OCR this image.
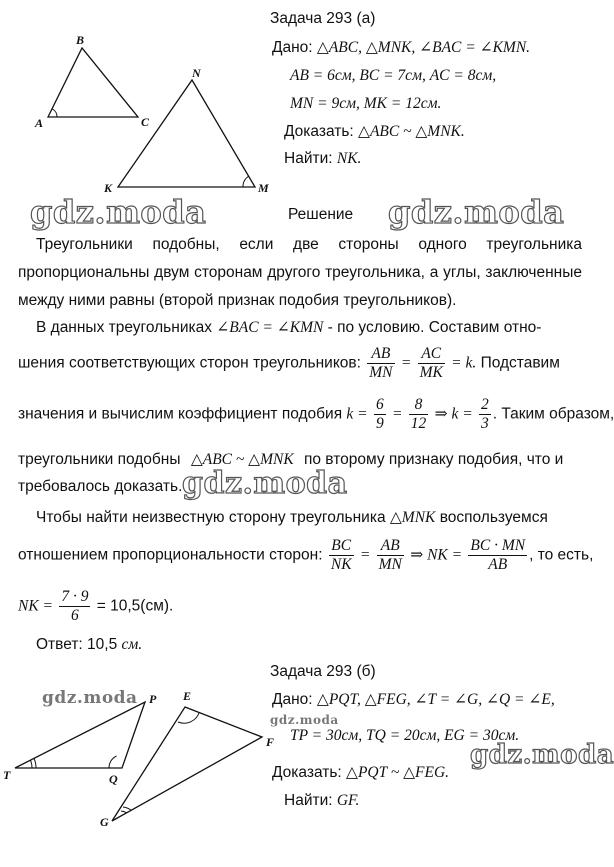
A
B
C
N
K	M
Задача 293 (а)
Дано: △ABC, △MNK, ∠BAC = ∠KMN.
AB = 6см, BC = 7см, AC = 8см,
MN = 9см, MK = 12см.
Доказать: △ABC ~ △MNK.
Найти: NK.
gdz.moda	Решение gdz.moda
Треугольники подобны, если две стороны одного треугольника пропорциональны двум сторонам другого треугольника, а углы, заключенные между ними равны (второй признак подобия треугольников).
В данных треугольниках ∠BAC = ∠KMN - по условию. Составим отно-
шения соответствующих сторон треугольников: $\frac{AB}{MN} = \frac{AC}{MK} = k$. Подставим
значения и вычислим коэффициент подобия $k = \frac{6}{9} = \frac{8}{12}$ ⇒ $k = \frac{2}{3}$ . Таким образом,
треугольники подобны △ABC ~ △MNK по второму признаку подобия, что и
требовалось доказать. gdz.moda
Чтобы найти неизвестную сторону треугольника △MNK воспользуемся
отношением пропорциональности сторон: $\frac{BC}{NK} = \frac{AB}{MN}$ ⇒ NK = $\frac{BC \cdot MN}{AB}$ , то есть,
NK = $\frac{7 \cdot 9}{6} = 10,5(см)$.
Ответ: 10,5 см.
Задача 293 (б)
P
T	Q
E
F
G
gdz.moda
gdz.moda
Дано: △PQT, △FEG, ∠T = ∠G, ∠Q = ∠E,
TP = 30см, TQ = 20см, EG = 30см.
gdz.moda
Доказать: △PQT ~ △FEG.
Найти: GF.
